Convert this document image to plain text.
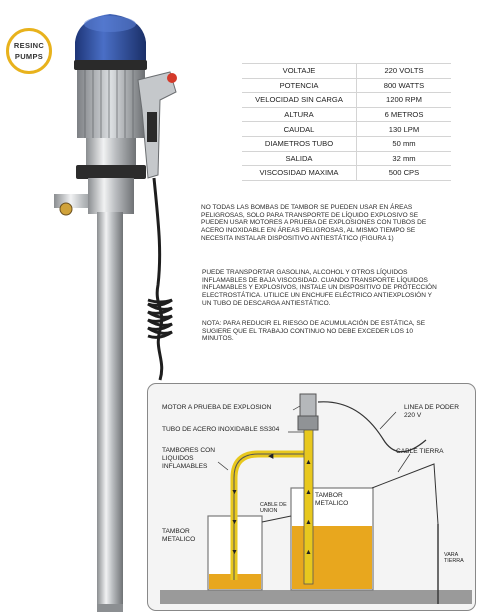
RESINC
PUMPS
VOLTAJE	220 VOLTS
POTENCIA	800 WATTS
VELOCIDAD SIN CARGA	1200 RPM
ALTURA	6 METROS
CAUDAL	130 LPM
DIAMETROS TUBO	50 mm
SALIDA	32 mm
VISCOSIDAD MAXIMA	500 CPS
NO TODAS LAS BOMBAS DE TAMBOR SE PUEDEN USAR EN ÁREAS PELIGROSAS, SOLO PARA TRANSPORTE DE LÍQUIDO EXPLOSIVO SE PUEDEN USAR MOTORES A PRUEBA DE EXPLOSIONES CON TUBOS DE ACERO INOXIDABLE EN ÁREAS PELIGROSAS, AL MISMO TIEMPO SE NECESITA INSTALAR DISPOSITIVO ANTIESTÁTICO (FIGURA 1)
PUEDE TRANSPORTAR GASOLINA, ALCOHOL Y OTROS LÍQUIDOS INFLAMABLES DE BAJA VISCOSIDAD. CUANDO TRANSPORTE LÍQUIDOS INFLAMABLES Y EXPLOSIVOS, INSTALE UN DISPOSITIVO DE PROTECCIÓN ELECTROSTÁTICA. UTILICE UN ENCHUFE ELÉCTRICO ANTIEXPLOSIÓN Y UN TUBO DE DESCARGA ANTIESTÁTICO.
NOTA: PARA REDUCIR EL RIESGO DE ACUMULACIÓN DE ESTÁTICA, SE SUGIERE QUE EL TRABAJO CONTINUO NO DEBE EXCEDER LOS 10 MINUTOS.
▲
▲
▲
▲
▼
▼
▼
◀
MOTOR A PRUEBA DE EXPLOSION
TUBO DE ACERO INOXIDABLE SS304
TAMBORES CON LIQUIDOS INFLAMABLES
LINEA DE PODER 220 V
CABLE TIERRA
TAMBOR METALICO
TAMBOR METALICO
CABLE DE UNION
VARA TIERRA
